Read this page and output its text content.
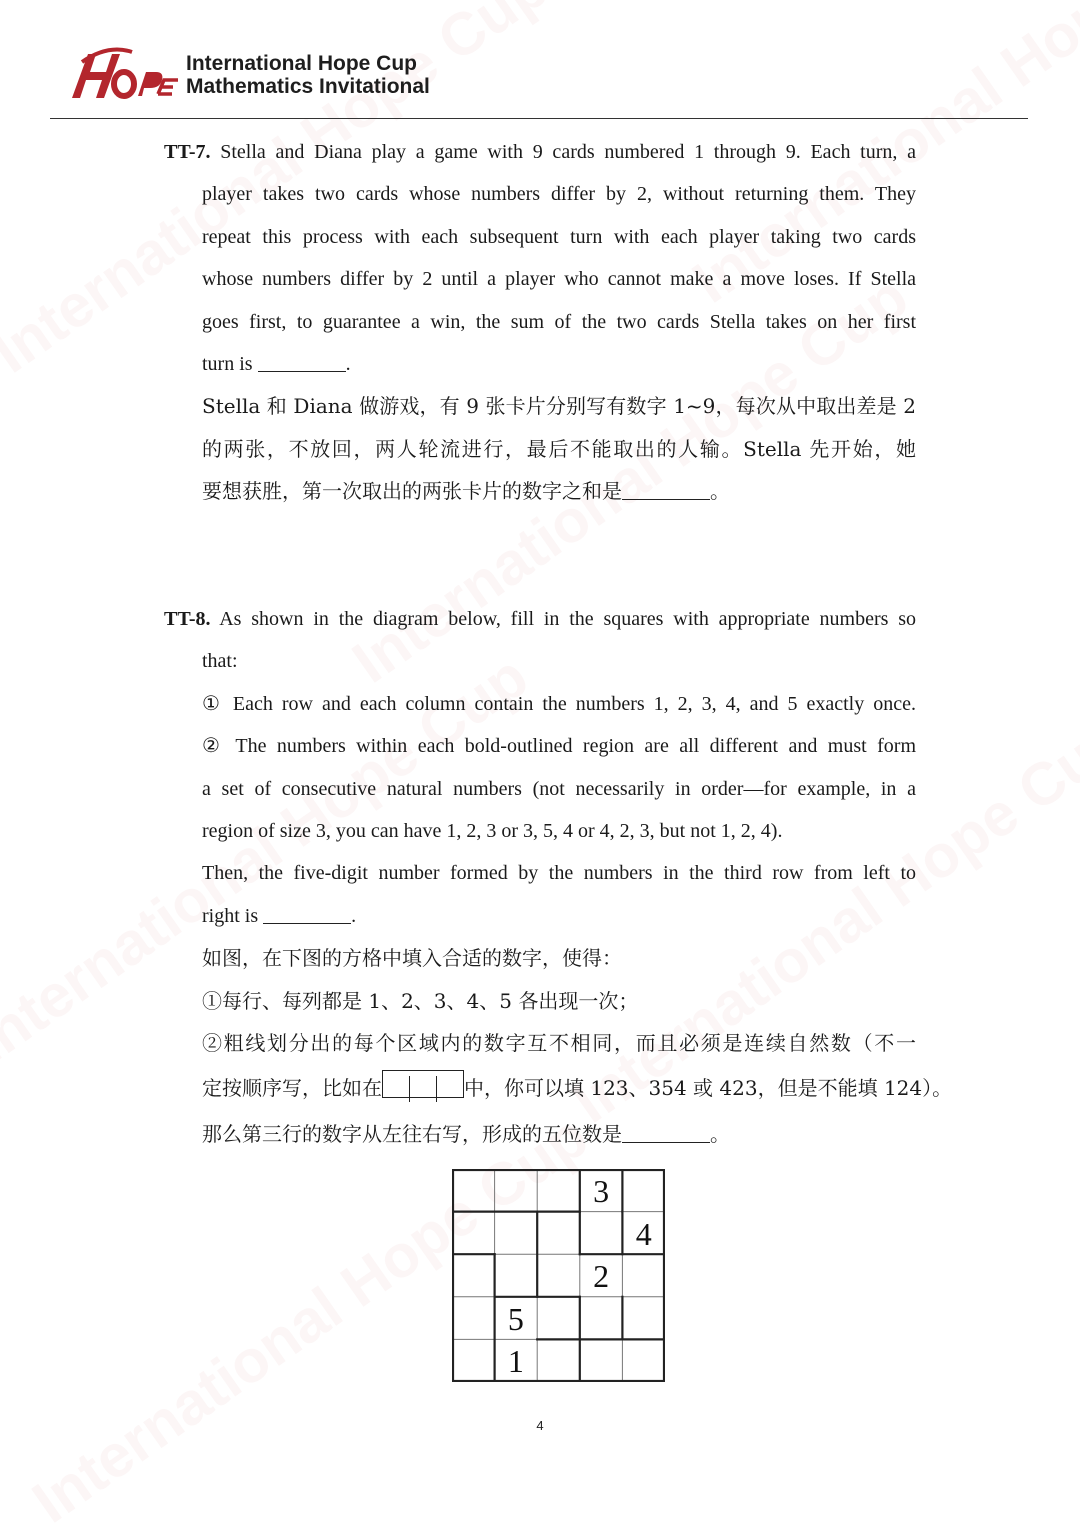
International Hope Cup
Mathematics Invitational
TT-7. Stella and Diana play a game with 9 cards numbered 1 through 9. Each turn, a
player takes two cards whose numbers differ by 2, without returning them. They
repeat this process with each subsequent turn with each player taking two cards
whose numbers differ by 2 until a player who cannot make a move loses. If Stella
goes first, to guarantee a win, the sum of the two cards Stella takes on her first
turn is	.
Stella 和 Diana 做游戏，有 9 张卡片分别写有数字 1~9，每次从中取出差是 2
的两张，不放回，两人轮流进行，最后不能取出的人输。Stella 先开始，她
要想获胜，第一次取出的两张卡片的数字之和是	。
TT-8. As shown in the diagram below, fill in the squares with appropriate numbers so
that:
① Each row and each column contain the numbers 1, 2, 3, 4, and 5 exactly once.
② The numbers within each bold-outlined region are all different and must form
a set of consecutive natural numbers (not necessarily in order—for example, in a
region of size 3, you can have 1, 2, 3 or 3, 5, 4 or 4, 2, 3, but not 1, 2, 4).
Then, the five-digit number formed by the numbers in the third row from left to
right is	.
如图，在下图的方格中填入合适的数字，使得：
①每行、每列都是 1、2、3、4、5 各出现一次；
②粗线划分出的每个区域内的数字互不相同，而且必须是连续自然数（不一
定按顺序写，比如在	中，你可以填 123、354 或 423，但是不能填 124）。
那么第三行的数字从左往右写，形成的五位数是	。
3
4
2
5
1
4
